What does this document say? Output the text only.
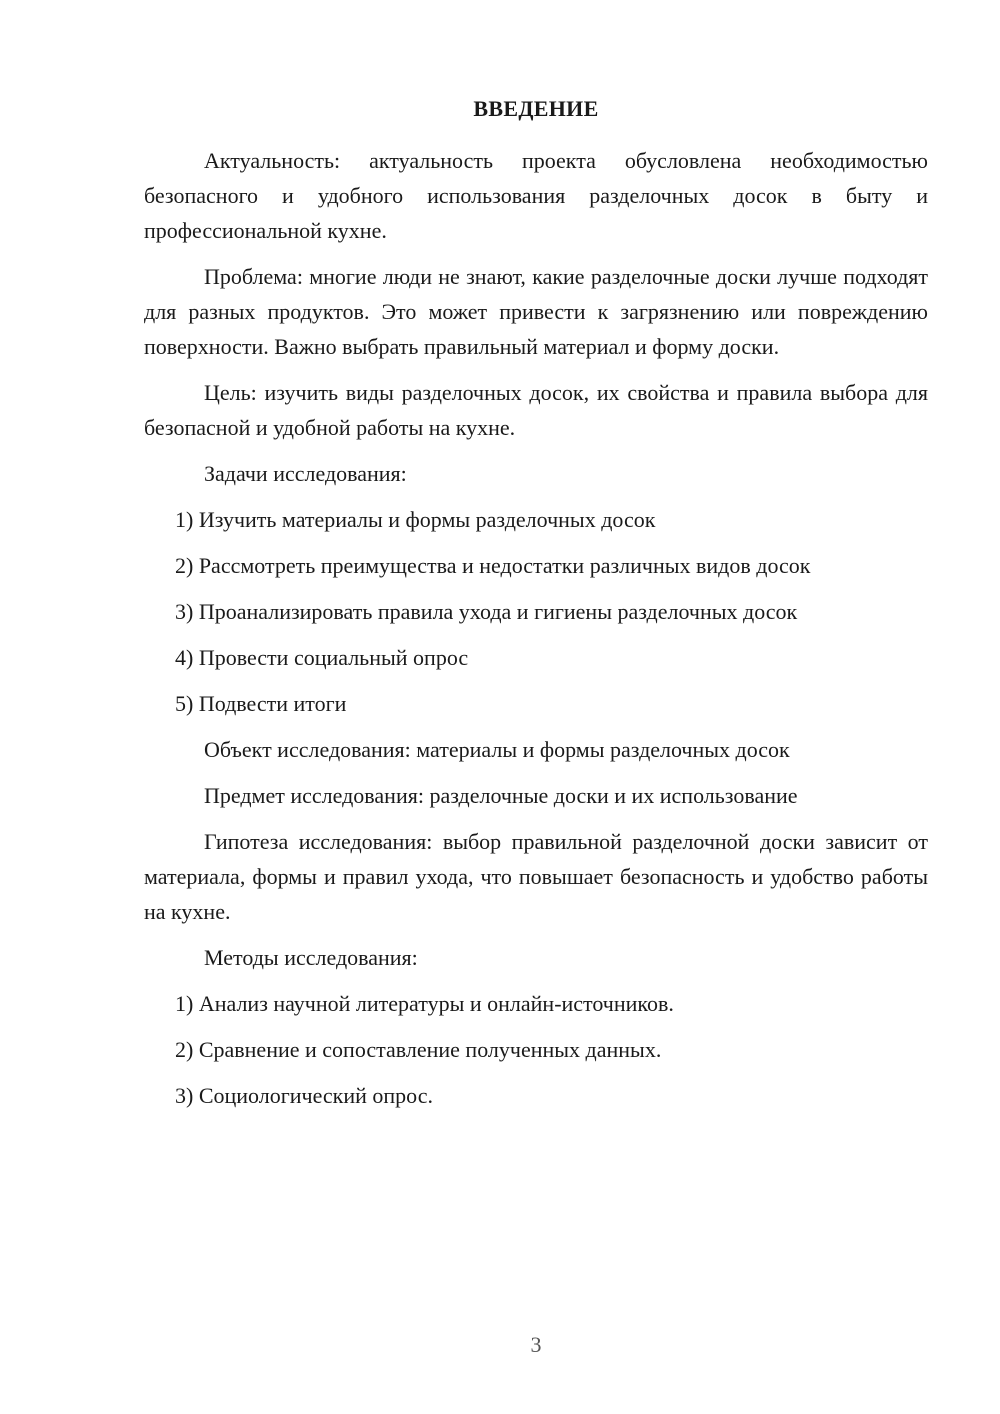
ВВЕДЕНИЕ

Актуальность: актуальность проекта обусловлена необходимостью безопасного и удобного использования разделочных досок в быту и профессиональной кухне.

Проблема: многие люди не знают, какие разделочные доски лучше подходят для разных продуктов. Это может привести к загрязнению или повреждению поверхности. Важно выбрать правильный материал и форму доски.

Цель: изучить виды разделочных досок, их свойства и правила выбора для безопасной и удобной работы на кухне.

Задачи исследования:

1) Изучить материалы и формы разделочных досок
2) Рассмотреть преимущества и недостатки различных видов досок
3) Проанализировать правила ухода и гигиены разделочных досок
4) Провести социальный опрос
5) Подвести итоги

Объект исследования: материалы и формы разделочных досок

Предмет исследования: разделочные доски и их использование

Гипотеза исследования: выбор правильной разделочной доски зависит от материала, формы и правил ухода, что повышает безопасность и удобство работы на кухне.

Методы исследования:

1) Анализ научной литературы и онлайн-источников.
2) Сравнение и сопоставление полученных данных.
3) Социологический опрос.
3
